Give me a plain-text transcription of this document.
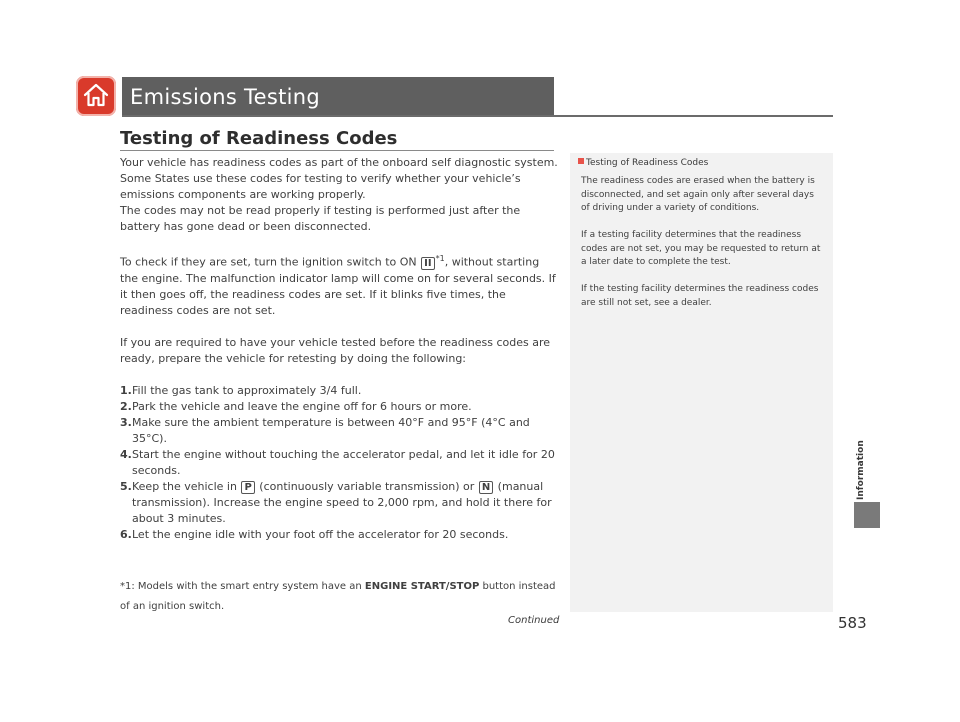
Emissions Testing
Testing of Readiness Codes

Your vehicle has readiness codes as part of the onboard self diagnostic system. Some States use these codes for testing to verify whether your vehicle’s emissions components are working properly.

The codes may not be read properly if testing is performed just after the battery has gone dead or been disconnected.

To check if they are set, turn the ignition switch to ON II $^{*1}$, without starting the engine. The malfunction indicator lamp will come on for several seconds. If it then goes off, the readiness codes are set. If it blinks five times, the readiness codes are not set.

If you are required to have your vehicle tested before the readiness codes are ready, prepare the vehicle for retesting by doing the following:

1. Fill the gas tank to approximately 3/4 full.
2. Park the vehicle and leave the engine off for 6 hours or more.
3. Make sure the ambient temperature is between 40°F and 95°F (4°C and 35°C).
4. Start the engine without touching the accelerator pedal, and let it idle for 20 seconds.
5. Keep the vehicle in P (continuously variable transmission) or N (manual transmission). Increase the engine speed to 2,000 rpm, and hold it there for about 3 minutes.
6. Let the engine idle with your foot off the accelerator for 20 seconds.
*1: Models with the smart entry system have an ENGINE START/STOP button instead of an ignition switch.
Continued
Testing of Readiness Codes

The readiness codes are erased when the battery is disconnected, and set again only after several days of driving under a variety of conditions.

If a testing facility determines that the readiness codes are not set, you may be requested to return at a later date to complete the test.

If the testing facility determines the readiness codes are still not set, see a dealer.

Information
583
